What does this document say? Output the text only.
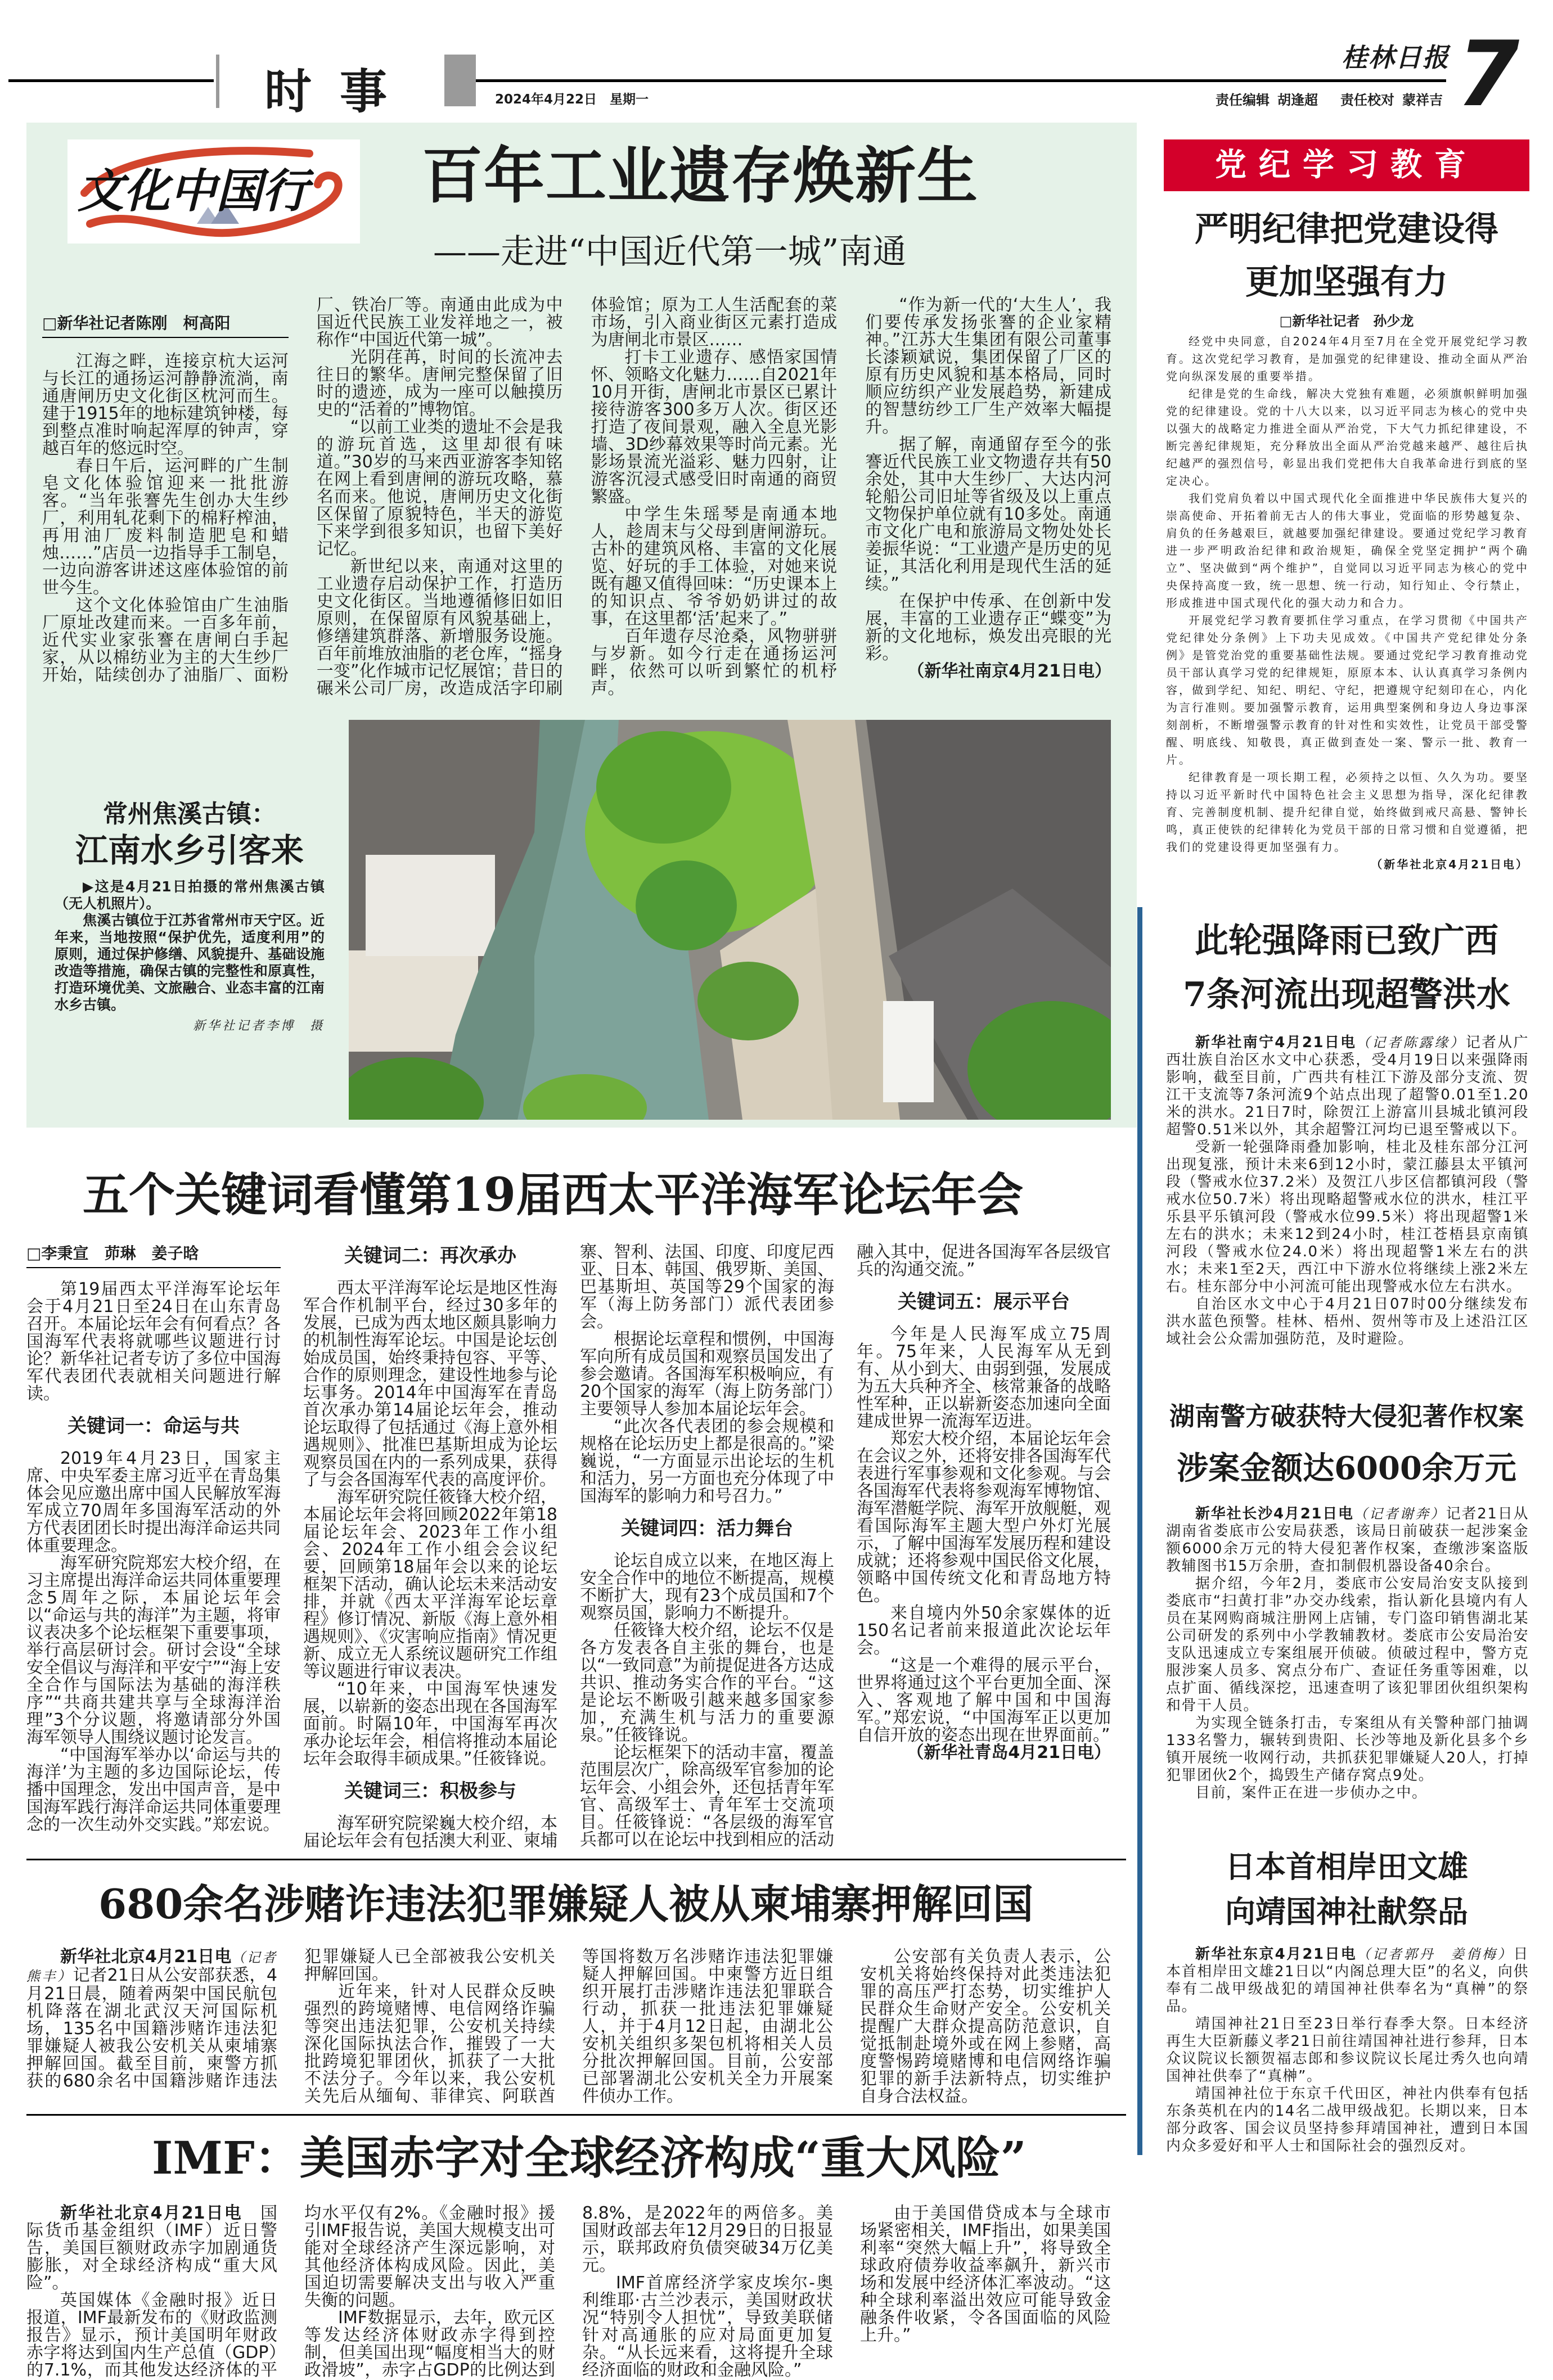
时事	2024年4月22日　星期一
桂林日报 7
责任编辑 胡逢超 责任校对 蒙祥吉
文化中国行 百年工业遗存焕新生
——走进“中国近代第一城”南通
□新华社记者陈刚　柯高阳

江海之畔，连接京杭大运河与长江的通扬运河静静流淌，南通唐闸历史文化街区枕河而生。建于1915年的地标建筑钟楼，每到整点准时响起浑厚的钟声，穿越百年的悠远时空。

春日午后，运河畔的广生制皂文化体验馆迎来一批批游客。“当年张謇先生创办大生纱厂，利用轧花剩下的棉籽榨油，再用油厂废料制造肥皂和蜡烛……”店员一边指导手工制皂，一边向游客讲述这座体验馆的前世今生。

这个文化体验馆由广生油脂厂原址改建而来。一百多年前，近代实业家张謇在唐闸白手起家，从以棉纺业为主的大生纱厂开始，陆续创办了油脂厂、面粉厂、铁冶厂等。南通由此成为中国近代民族工业发祥地之一，被称作“中国近代第一城”。

光阴荏苒，时间的长流冲去往日的繁华。唐闸完整保留了旧时的遗迹，成为一座可以触摸历史的“活着的”博物馆。

“以前工业类的遗址不会是我的游玩首选，这里却很有味道。”30岁的马来西亚游客李知铭在网上看到唐闸的游玩攻略，慕名而来。他说，唐闸历史文化街区保留了原貌特色，半天的游览下来学到很多知识，也留下美好记忆。

新世纪以来，南通对这里的工业遗存启动保护工作，打造历史文化街区。当地遵循修旧如旧原则，在保留原有风貌基础上，修缮建筑群落、新增服务设施。百年前堆放油脂的老仓库，“摇身一变”化作城市记忆展馆；昔日的碾米公司厂房，改造成活字印刷体验馆；原为工人生活配套的菜市场，引入商业街区元素打造成为唐闸北市景区……

打卡工业遗存、感悟家国情怀、领略文化魅力……自2021年10月开街，唐闸北市景区已累计接待游客300多万人次。街区还打造了夜间景观，融入全息光影墙、3D纱幕效果等时尚元素。光影场景流光溢彩、魅力四射，让游客沉浸式感受旧时南通的商贸繁盛。

中学生朱瑶琴是南通本地人，趁周末与父母到唐闸游玩。古朴的建筑风格、丰富的文化展览、好玩的手工体验，对她来说既有趣又值得回味：“历史课本上的知识点、爷爷奶奶讲过的故事，在这里都‘活’起来了。”

百年遗存尽沧桑，风物骈骈与岁新。如今行走在通扬运河畔，依然可以听到繁忙的机杼声。

“作为新一代的‘大生人’，我们要传承发扬张謇的企业家精神。”江苏大生集团有限公司董事长漆颖斌说，集团保留了厂区的原有历史风貌和基本格局，同时顺应纺织产业发展趋势，新建成的智慧纺纱工厂生产效率大幅提升。

据了解，南通留存至今的张謇近代民族工业文物遗存共有50余处，其中大生纱厂、大达内河轮船公司旧址等省级及以上重点文物保护单位就有10多处。南通市文化广电和旅游局文物处处长姜振华说：“工业遗产是历史的见证，其活化利用是现代生活的延续。”

在保护中传承、在创新中发展，丰富的工业遗存正“蝶变”为新的文化地标，焕发出亮眼的光彩。

（新华社南京4月21日电）

常州焦溪古镇：
江南水乡引客来
▶这是4月21日拍摄的常州焦溪古镇（无人机照片）。
焦溪古镇位于江苏省常州市天宁区。近年来，当地按照“保护优先，适度利用”的原则，通过保护修缮、风貌提升、基础设施改造等措施，确保古镇的完整性和原真性，打造环境优美、文旅融合、业态丰富的江南水乡古镇。
新华社记者李博　摄
五个关键词看懂第19届西太平洋海军论坛年会
□李秉宣　茆琳　姜子晗

第19届西太平洋海军论坛年会于4月21日至24日在山东青岛召开。本届论坛年会有何看点？各国海军代表将就哪些议题进行讨论？新华社记者专访了多位中国海军代表团代表就相关问题进行解读。

关键词一：命运与共

2019年4月23日，国家主席、中央军委主席习近平在青岛集体会见应邀出席中国人民解放军海军成立70周年多国海军活动的外方代表团团长时提出海洋命运共同体重要理念。

海军研究院郑宏大校介绍，在习主席提出海洋命运共同体重要理念5周年之际，本届论坛年会以“命运与共的海洋”为主题，将审议表决多个论坛框架下重要事项，举行高层研讨会。研讨会设“全球安全倡议与海洋和平安宁”“海上安全合作与国际法为基础的海洋秩序”“共商共建共享与全球海洋治理”3个分议题，将邀请部分外国海军领导人围绕议题讨论发言。

“中国海军举办以‘命运与共的海洋’为主题的多边国际论坛，传播中国理念，发出中国声音，是中国海军践行海洋命运共同体重要理念的一次生动外交实践。”郑宏说。

关键词二：再次承办

西太平洋海军论坛是地区性海军合作机制平台，经过30多年的发展，已成为西太地区颇具影响力的机制性海军论坛。中国是论坛创始成员国，始终秉持包容、平等、合作的原则理念，建设性地参与论坛事务。2014年中国海军在青岛首次承办第14届论坛年会，推动论坛取得了包括通过《海上意外相遇规则》、批准巴基斯坦成为论坛观察员国在内的一系列成果，获得了与会各国海军代表的高度评价。

海军研究院任筱锋大校介绍，本届论坛年会将回顾2022年第18届论坛年会、2023年工作小组会、2024年工作小组会会议纪要，回顾第18届年会以来的论坛框架下活动，确认论坛未来活动安排，并就《西太平洋海军论坛章程》修订情况、新版《海上意外相遇规则》、《灾害响应指南》情况更新、成立无人系统议题研究工作组等议题进行审议表决。

“10年来，中国海军快速发展，以崭新的姿态出现在各国海军面前。时隔10年，中国海军再次承办论坛年会，相信将推动本届论坛年会取得丰硕成果。”任筱锋说。

关键词三：积极参与

海军研究院梁巍大校介绍，本届论坛年会有包括澳大利亚、柬埔寨、智利、法国、印度、印度尼西亚、日本、韩国、俄罗斯、美国、巴基斯坦、英国等29个国家的海军（海上防务部门）派代表团参会。

根据论坛章程和惯例，中国海军向所有成员国和观察员国发出了参会邀请。各国海军积极响应，有20个国家的海军（海上防务部门）主要领导人参加本届论坛年会。

“此次各代表团的参会规模和规格在论坛历史上都是很高的。”梁巍说，“一方面显示出论坛的生机和活力，另一方面也充分体现了中国海军的影响力和号召力。”

关键词四：活力舞台

论坛自成立以来，在地区海上安全合作中的地位不断提高，规模不断扩大，现有23个成员国和7个观察员国，影响力不断提升。

任筱锋大校介绍，论坛不仅是各方发表各自主张的舞台，也是以“一致同意”为前提促进各方达成共识、推动务实合作的平台。“这是论坛不断吸引越来越多国家参加，充满生机与活力的重要源泉。”任筱锋说。

论坛框架下的活动丰富，覆盖范围层次广，除高级军官参加的论坛年会、小组会外，还包括青年军官、高级军士、青年军士交流项目。任筱锋说：“各层级的海军官兵都可以在论坛中找到相应的活动融入其中，促进各国海军各层级官兵的沟通交流。”

关键词五：展示平台

今年是人民海军成立75周年。75年来，人民海军从无到有、从小到大、由弱到强，发展成为五大兵种齐全、核常兼备的战略性军种，正以崭新姿态加速向全面建成世界一流海军迈进。

郑宏大校介绍，本届论坛年会在会议之外，还将安排各国海军代表进行军事参观和文化参观。与会各国海军代表将参观海军博物馆、海军潜艇学院、海军开放舰艇，观看国际海军主题大型户外灯光展示，了解中国海军发展历程和建设成就；还将参观中国民俗文化展，领略中国传统文化和青岛地方特色。

来自境内外50余家媒体的近150名记者前来报道此次论坛年会。

“这是一个难得的展示平台，世界将通过这个平台更加全面、深入、客观地了解中国和中国海军。”郑宏说，“中国海军正以更加自信开放的姿态出现在世界面前。”

（新华社青岛4月21日电）

680余名涉赌诈违法犯罪嫌疑人被从柬埔寨押解回国

新华社北京4月21日电（记者熊丰）记者21日从公安部获悉，4月21日晨，随着两架中国民航包机降落在湖北武汉天河国际机场，135名中国籍涉赌诈违法犯罪嫌疑人被我公安机关从柬埔寨押解回国。截至目前，柬警方抓获的680余名中国籍涉赌诈违法犯罪嫌疑人已全部被我公安机关押解回国。

近年来，针对人民群众反映强烈的跨境赌博、电信网络诈骗等突出违法犯罪，公安机关持续深化国际执法合作，摧毁了一大批跨境犯罪团伙，抓获了一大批不法分子。今年以来，我公安机关先后从缅甸、菲律宾、阿联酋等国将数万名涉赌诈违法犯罪嫌疑人押解回国。中柬警方近日组织开展打击涉赌诈违法犯罪联合行动，抓获一批违法犯罪嫌疑人，并于4月12日起，由湖北公安机关组织多架包机将相关人员分批次押解回国。目前，公安部已部署湖北公安机关全力开展案件侦办工作。

公安部有关负责人表示，公安机关将始终保持对此类违法犯罪的高压严打态势，切实维护人民群众生命财产安全。公安机关提醒广大群众提高防范意识，自觉抵制赴境外或在网上参赌，高度警惕跨境赌博和电信网络诈骗犯罪的新手法新特点，切实维护自身合法权益。

IMF：美国赤字对全球经济构成“重大风险”

新华社北京4月21日电　国际货币基金组织（IMF）近日警告，美国巨额财政赤字加剧通货膨胀，对全球经济构成“重大风险”。

英国媒体《金融时报》近日报道，IMF最新发布的《财政监测报告》显示，预计美国明年财政赤字将达到国内生产总值（GDP）的7.1%，而其他发达经济体的平均水平仅有2%。《金融时报》援引IMF报告说，美国大规模支出可能对全球经济产生深远影响，对其他经济体构成风险。因此，美国迫切需要解决支出与收入严重失衡的问题。

IMF数据显示，去年，欧元区等发达经济体财政赤字得到控制，但美国出现“幅度相当大的财政滑坡”，赤字占GDP的比例达到8.8%，是2022年的两倍多。美国财政部去年12月29日的日报显示，联邦政府负债突破34万亿美元。

IMF首席经济学家皮埃尔-奥利维耶·古兰沙表示，美国财政状况“特别令人担忧”，导致美联储针对高通胀的应对局面更加复杂。“从长远来看，这将提升全球经济面临的财政和金融风险。”

由于美国借贷成本与全球市场紧密相关，IMF指出，如果美国利率“突然大幅上升”，将导致全球政府债券收益率飙升，新兴市场和发展中经济体汇率波动。“这种全球利率溢出效应可能导致金融条件收紧，令各国面临的风险上升。”

党纪学习教育
严明纪律把党建设得
更加坚强有力
□新华社记者　孙少龙

经党中央同意，自2024年4月至7月在全党开展党纪学习教育。这次党纪学习教育，是加强党的纪律建设、推动全面从严治党向纵深发展的重要举措。

纪律是党的生命线，解决大党独有难题，必须旗帜鲜明加强党的纪律建设。党的十八大以来，以习近平同志为核心的党中央以强大的战略定力推进全面从严治党，下大气力抓纪律建设，不断完善纪律规矩，充分释放出全面从严治党越来越严、越往后执纪越严的强烈信号，彰显出我们党把伟大自我革命进行到底的坚定决心。

我们党肩负着以中国式现代化全面推进中华民族伟大复兴的崇高使命、开拓着前无古人的伟大事业，党面临的形势越复杂、肩负的任务越艰巨，就越要加强纪律建设。要通过党纪学习教育进一步严明政治纪律和政治规矩，确保全党坚定拥护“两个确立”、坚决做到“两个维护”，自觉同以习近平同志为核心的党中央保持高度一致，统一思想、统一行动，知行知止、令行禁止，形成推进中国式现代化的强大动力和合力。

开展党纪学习教育要抓住学习重点，在学习贯彻《中国共产党纪律处分条例》上下功夫见成效。《中国共产党纪律处分条例》是管党治党的重要基础性法规。要通过党纪学习教育推动党员干部认真学习党的纪律规矩，原原本本、认认真真学习条例内容，做到学纪、知纪、明纪、守纪，把遵规守纪刻印在心，内化为言行准则。要加强警示教育，运用典型案例和身边人身边事深刻剖析，不断增强警示教育的针对性和实效性，让党员干部受警醒、明底线、知敬畏，真正做到查处一案、警示一批、教育一片。

纪律教育是一项长期工程，必须持之以恒、久久为功。要坚持以习近平新时代中国特色社会主义思想为指导，深化纪律教育、完善制度机制、提升纪律自觉，始终做到戒尺高悬、警钟长鸣，真正使铁的纪律转化为党员干部的日常习惯和自觉遵循，把我们的党建设得更加坚强有力。

（新华社北京4月21日电）

此轮强降雨已致广西
7条河流出现超警洪水

新华社南宁4月21日电（记者陈露缘）记者从广西壮族自治区水文中心获悉，受4月19日以来强降雨影响，截至目前，广西共有桂江下游及部分支流、贺江干支流等7条河流9个站点出现了超警0.01至1.20米的洪水。21日7时，除贺江上游富川县城北镇河段超警0.51米以外，其余超警江河均已退至警戒以下。

受新一轮强降雨叠加影响，桂北及桂东部分江河出现复涨，预计未来6到12小时，蒙江藤县太平镇河段（警戒水位37.2米）及贺江八步区信都镇河段（警戒水位50.7米）将出现略超警戒水位的洪水，桂江平乐县平乐镇河段（警戒水位99.5米）将出现超警1米左右的洪水；未来12到24小时，桂江苍梧县京南镇河段（警戒水位24.0米）将出现超警1米左右的洪水；未来1至2天，西江中下游水位将继续上涨2米左右。桂东部分中小河流可能出现警戒水位左右洪水。

自治区水文中心于4月21日07时00分继续发布洪水蓝色预警。桂林、梧州、贺州等市及上述沿江区域社会公众需加强防范，及时避险。

湖南警方破获特大侵犯著作权案
涉案金额达6000余万元

新华社长沙4月21日电（记者谢奔）记者21日从湖南省娄底市公安局获悉，该局日前破获一起涉案金额6000余万元的特大侵犯著作权案，查缴涉案盗版教辅图书15万余册，查扣制假机器设备40余台。

据介绍，今年2月，娄底市公安局治安支队接到娄底市“扫黄打非”办交办线索，指认新化县境内有人员在某网购商城注册网上店铺，专门盗印销售湖北某公司研发的系列中小学教辅教材。娄底市公安局治安支队迅速成立专案组展开侦破。侦破过程中，警方克服涉案人员多、窝点分布广、查证任务重等困难，以点扩面、循线深挖，迅速查明了该犯罪团伙组织架构和骨干人员。

为实现全链条打击，专案组从有关警种部门抽调133名警力，辗转到贵阳、长沙等地及新化县多个乡镇开展统一收网行动，共抓获犯罪嫌疑人20人，打掉犯罪团伙2个，捣毁生产储存窝点9处。

目前，案件正在进一步侦办之中。

日本首相岸田文雄
向靖国神社献祭品

新华社东京4月21日电（记者郭丹　姜俏梅）日本首相岸田文雄21日以“内阁总理大臣”的名义，向供奉有二战甲级战犯的靖国神社供奉名为“真榊”的祭品。

靖国神社21日至23日举行春季大祭。日本经济再生大臣新藤义孝21日前往靖国神社进行参拜，日本众议院议长额贺福志郎和参议院议长尾辻秀久也向靖国神社供奉了“真榊”。

靖国神社位于东京千代田区，神社内供奉有包括东条英机在内的14名二战甲级战犯。长期以来，日本部分政客、国会议员坚持参拜靖国神社，遭到日本国内众多爱好和平人士和国际社会的强烈反对。
